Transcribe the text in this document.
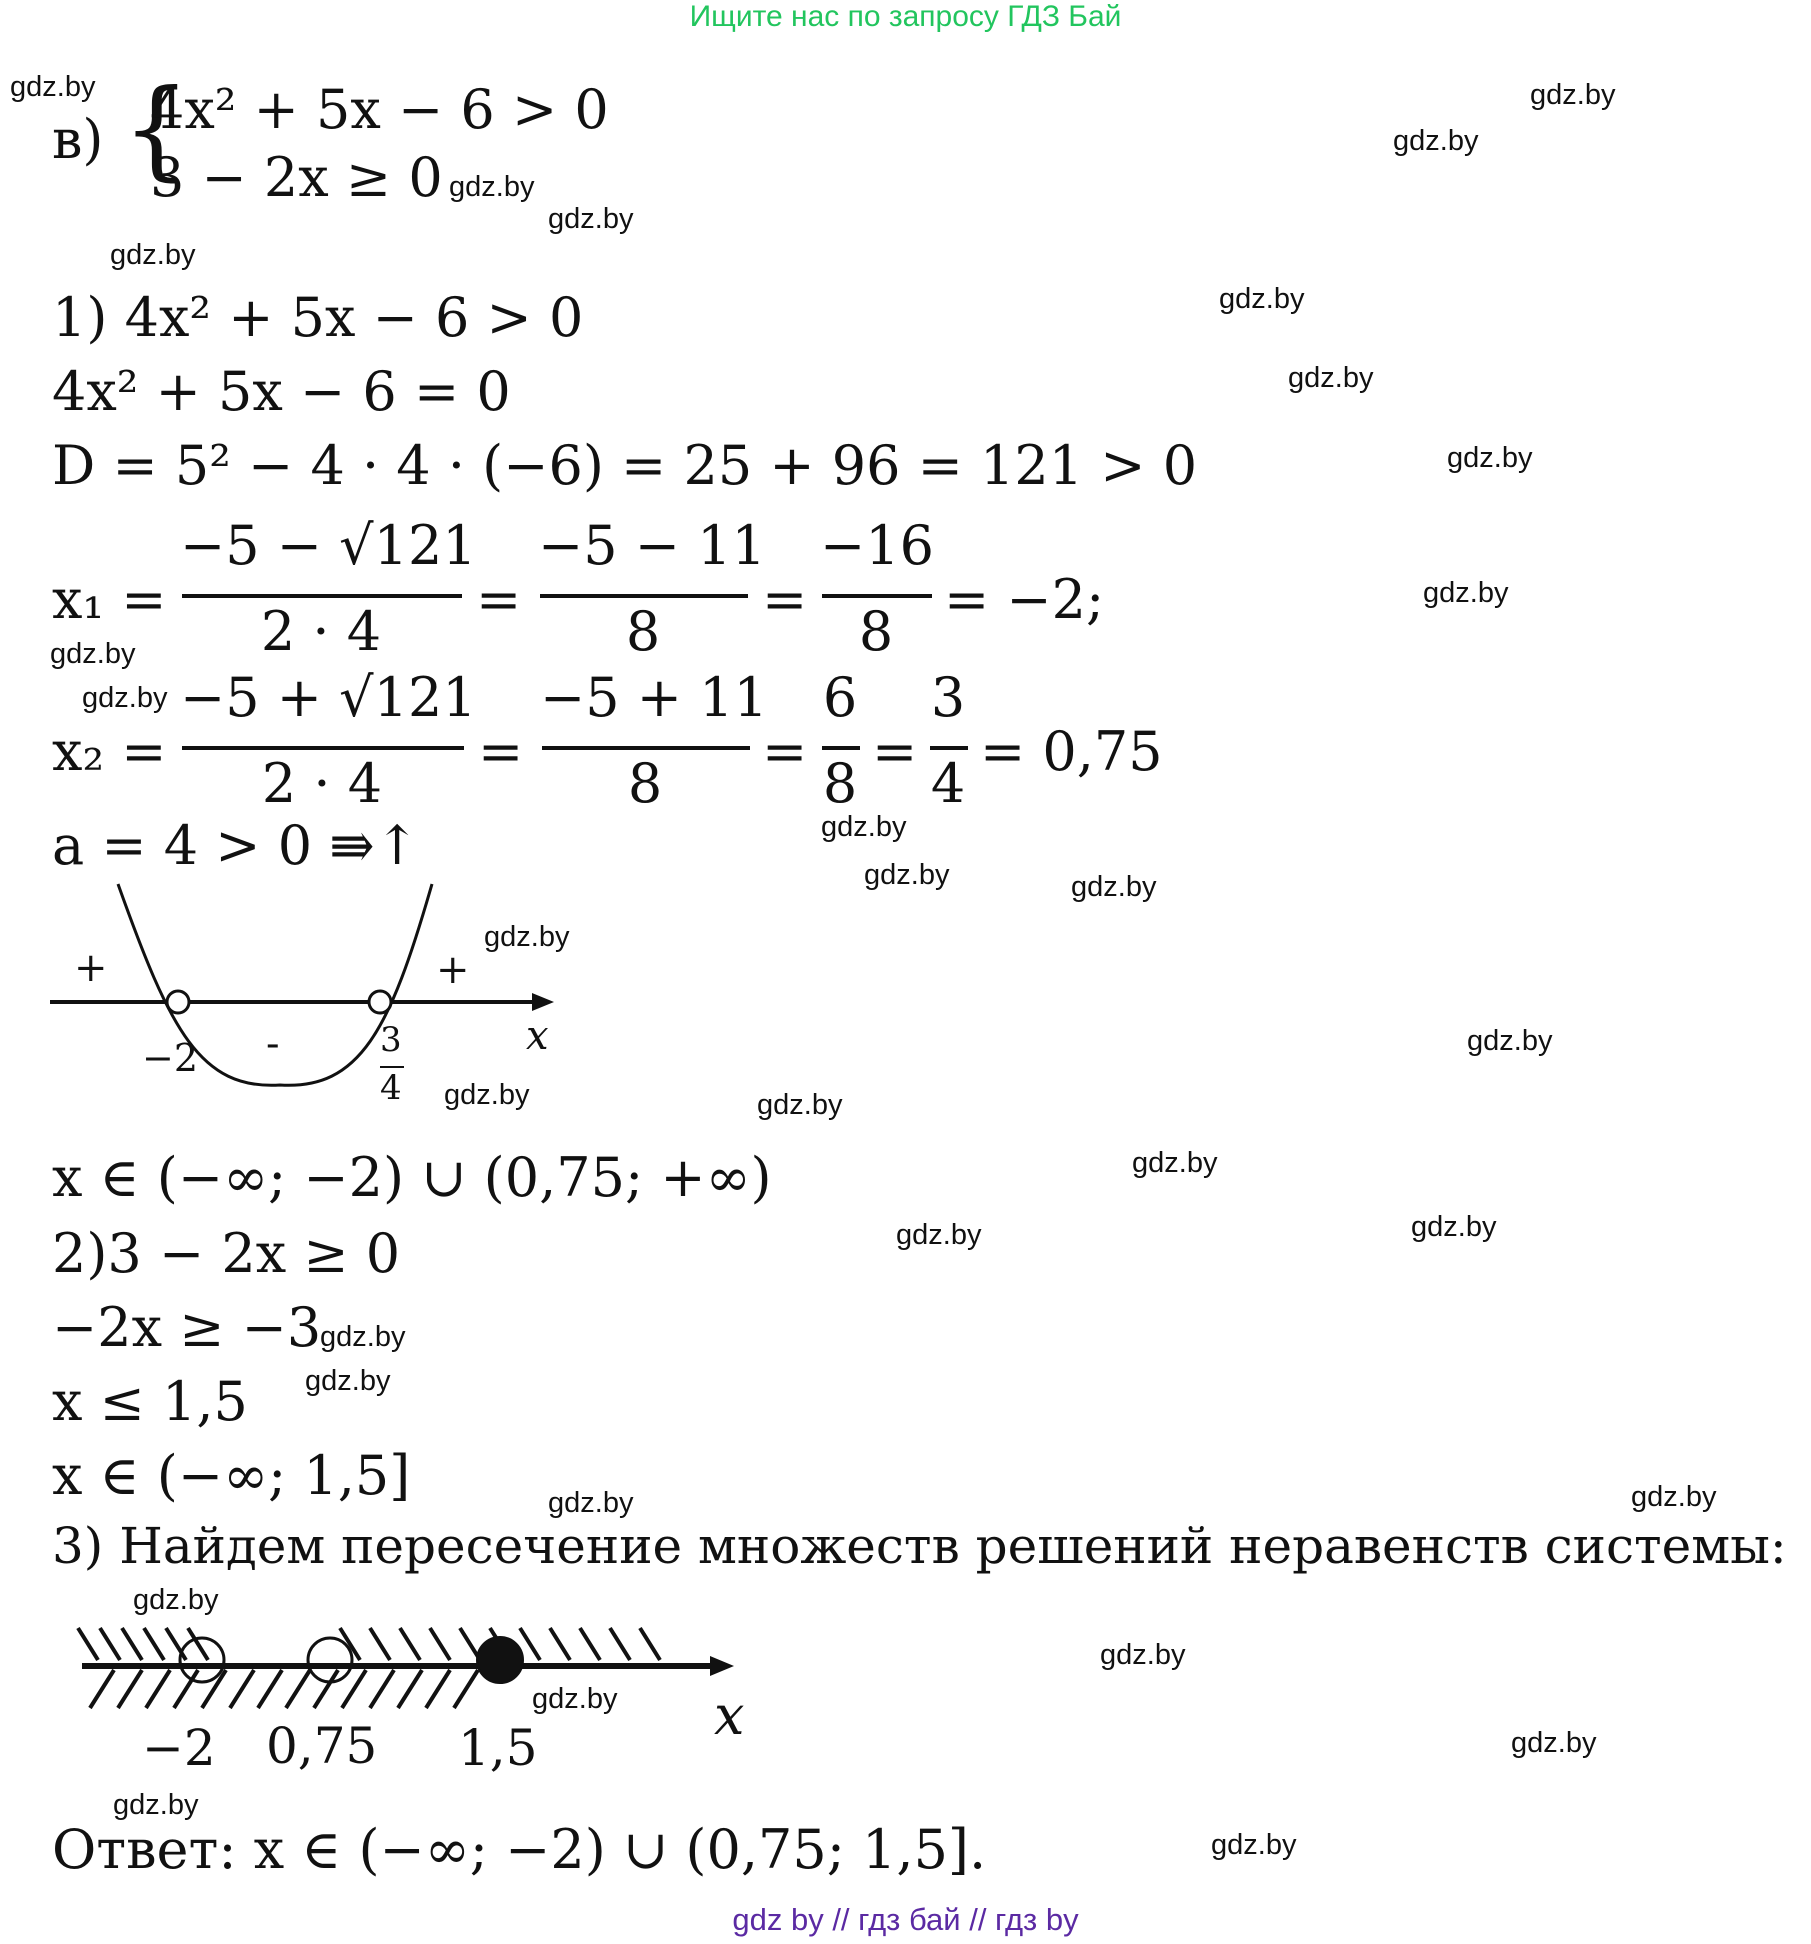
Ищите нас по запросу ГДЗ Бай
gdz.by	gdz.by
gdz.by
gdz.by
gdz.by
gdz.by
gdz.by
gdz.by
gdz.by
gdz.by
gdz.by
gdz.by
gdz.by
gdz.by	gdz.by
gdz.by
gdz.by
gdz.by	gdz.by
gdz.by
gdz.by	gdz.by
gdz.by
gdz.by
gdz.by	gdz.by
gdz.by
gdz.by
gdz.by
gdz.by
gdz.by
gdz.by
в) {
4x² + 5x − 6 > 0
3 − 2x ≥ 0
1) 4x² + 5x − 6 > 0
4x² + 5x − 6 = 0
D = 5² − 4 · 4 · (−6) = 25 + 96 = 121 > 0
x₁ =
−5 − √121
2 · 4
=
−5 − 11
8
=
−16
8
= −2;
x₂ =
−5 + √121
2 · 4
=
−5 + 11
8
=
6
8
=
3
4
= 0,75
a = 4 > 0 ⇛↑
+
-
+
x
−2	3
4
x ∈ (−∞; −2) ∪ (0,75; +∞)
2)3 − 2x ≥ 0
−2x ≥ −3
x ≤ 1,5
x ∈ (−∞; 1,5]
3) Найдем пересечение множеств решений неравенств системы:
x
−2 0,75 1,5
Ответ: x ∈ (−∞; −2) ∪ (0,75; 1,5].
gdz by // гдз бай // гдз by
